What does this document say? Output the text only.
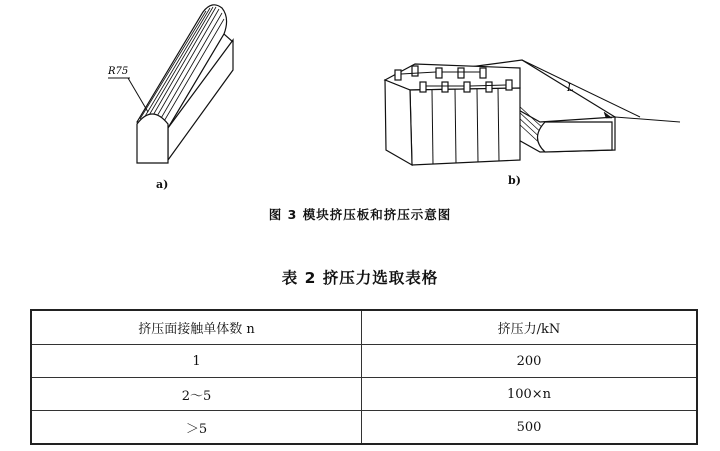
R75
L
a)	b)
图 3 模块挤压板和挤压示意图
表 2 挤压力选取表格
挤压面接触单体数 n	挤压力/kN
1	200
2～5	100×n
＞5	500
